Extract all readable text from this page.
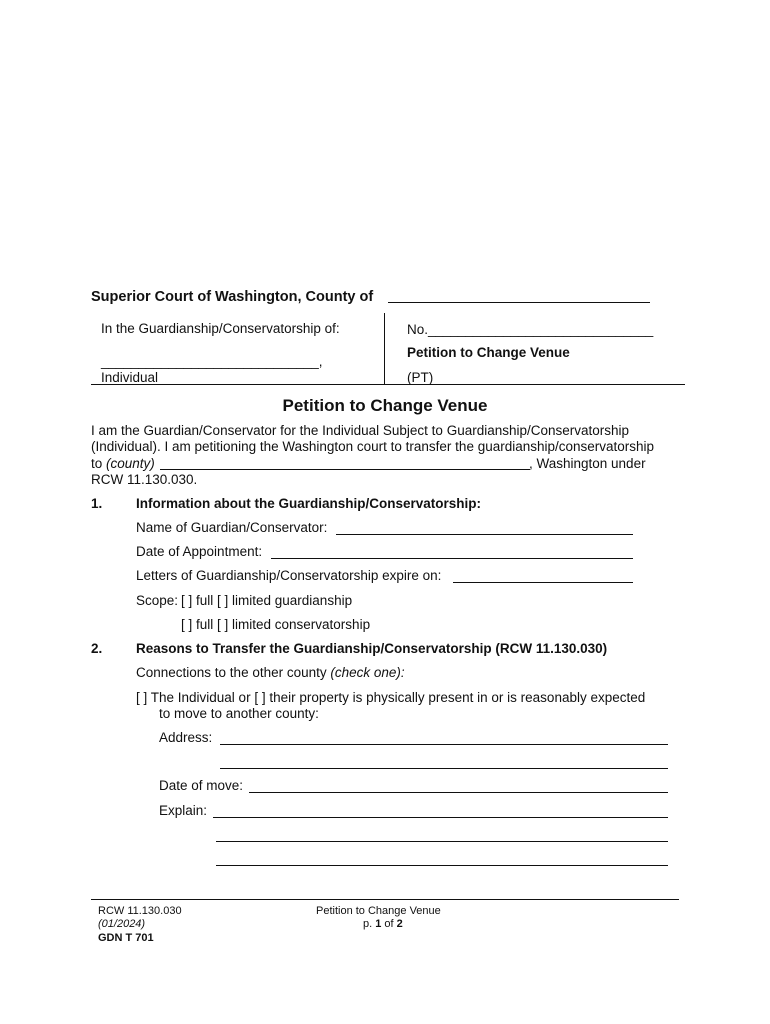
Superior Court of Washington, County of
In the Guardianship/Conservatorship of:
_____________________________,
Individual
No.______________________________
Petition to Change Venue
(PT)
Petition to Change Venue
I am the Guardian/Conservator for the Individual Subject to Guardianship/Conservatorship
(Individual). I am petitioning the Washington court to transfer the guardianship/conservatorship
to (county)	, Washington under
RCW 11.130.030.
1. Information about the Guardianship/Conservatorship:
Name of Guardian/Conservator:
Date of Appointment:
Letters of Guardianship/Conservatorship expire on:
Scope: [ ] full [ ] limited guardianship
[ ] full [ ] limited conservatorship
2. Reasons to Transfer the Guardianship/Conservatorship (RCW 11.130.030)
Connections to the other county (check one):
[ ] The Individual or [ ] their property is physically present in or is reasonably expected
to move to another county:
Address:
Date of move:
Explain:
RCW 11.130.030
(01/2024)
GDN T 701
Petition to Change Venue
p. 1 of 2
